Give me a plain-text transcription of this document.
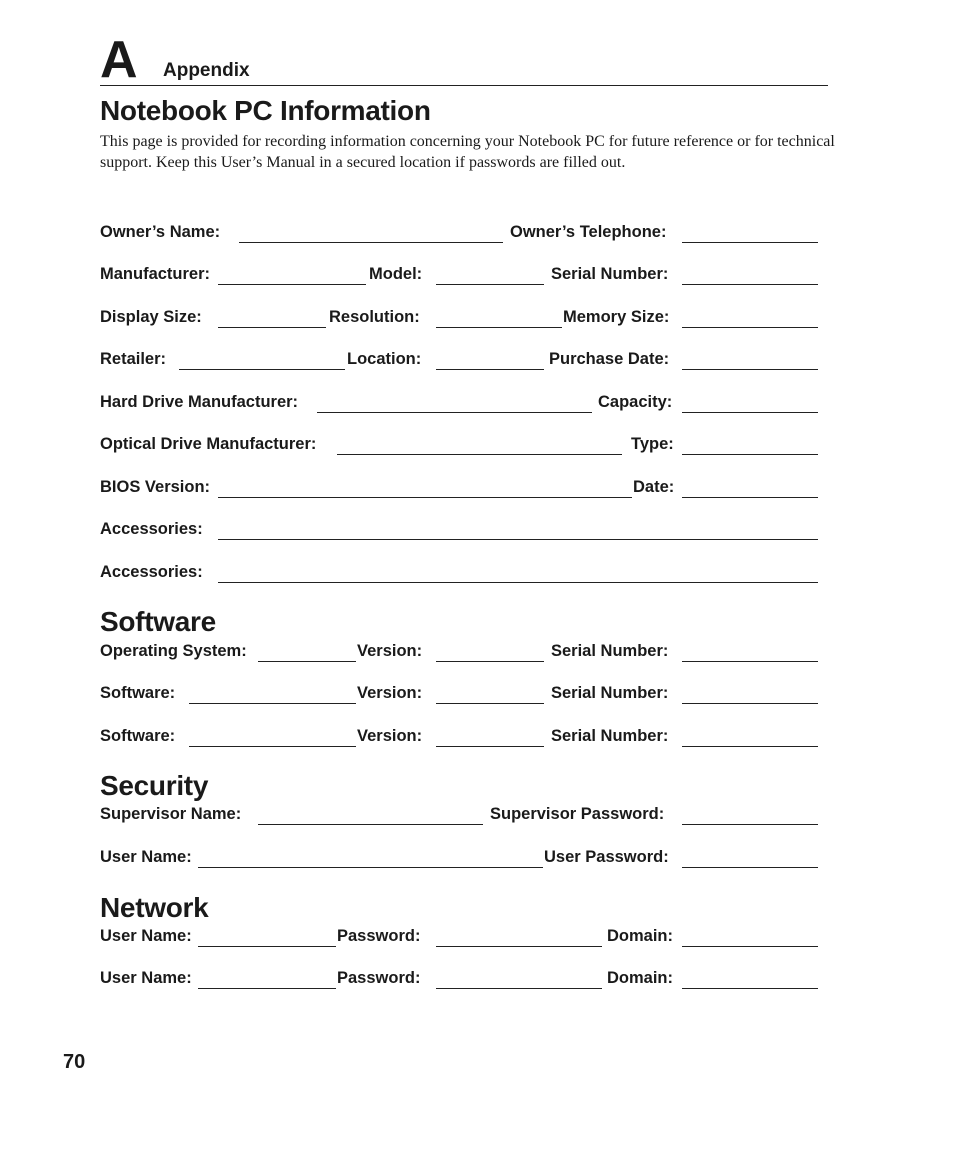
A Appendix
Notebook PC Information
This page is provided for recording information concerning your Notebook PC for future reference or for technical support. Keep this User’s Manual in a secured location if passwords are filled out.
Owner’s Name:	Owner’s Telephone:
Manufacturer:	Model:	Serial Number:
Display Size:	Resolution:	Memory Size:
Retailer:	Location:	Purchase Date:
Hard Drive Manufacturer:	Capacity:
Optical Drive Manufacturer:	Type:
BIOS Version:	Date:
Accessories:
Accessories:
Software
Operating System:	Version:	Serial Number:
Software:	Version:	Serial Number:
Software:	Version:	Serial Number:
Security
Supervisor Name:	Supervisor Password:
User Name:	User Password:
Network
User Name:	Password:	Domain:
User Name:	Password:	Domain:
70
